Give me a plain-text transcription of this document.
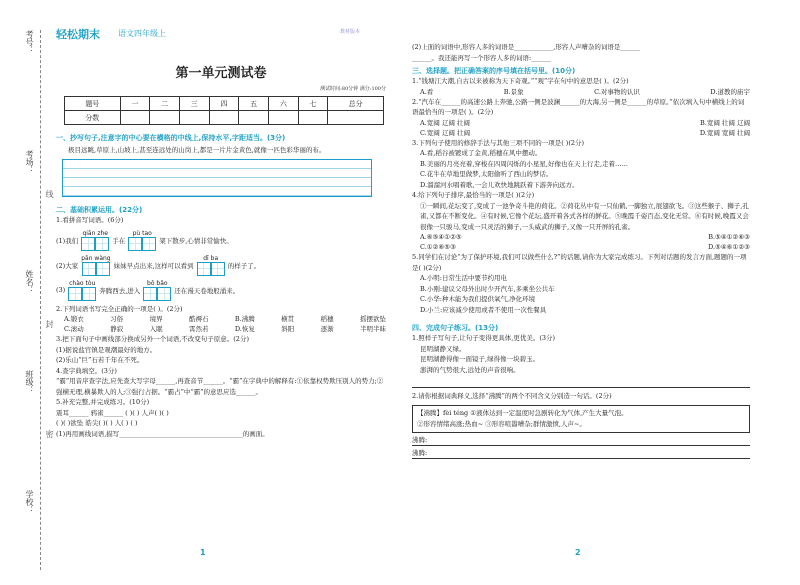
考号：
考场：
姓名：
班级：
学校：
线
封
密
轻松期末 语文四年级上	教材版本
第一单元测试卷
测试时间:80分钟 满分:100分
题号	一	二	三	四	五	六	七	总分
分数								
一、抄写句子,注意字的中心要在横格的中线上,保持水平,字距适当。(3分)
极目远眺,草原上,山坡上,甚至连远处的山岗上,都是一片片金黄色,就像一匹色彩华丽的布。
二、基础积累运用。(22分)
1.看拼音写词语。(6分)
(1)我们
qiān zhe
手在
pù tao
架下散步,心情非常愉快。
(2)大家
pān wàng
妹妹早点出来,这样可以看到
dī ba
的样子了。
(3)
chào tòu
奔腾西去,进入
bō bǎo
还在漫天卷地般涌来。
2.下列词语书写完全正确的一项是( )。(2分)
A.锻衣	习俗	境界	酷褥石	B.沸腾	横贯	稻穗	摇摆欲坠
C.滚动	静寂	入眠	霄然若	D.恢复	斜阳	逐渐	半明半昧
3.把下面句子中画线部分换成另外一个词语,不改变句子原意。(2分)
(1)据说盐官镇是观潮最好的地方。
(2)乐山“巨”石若千年在不死。
4.查字典填空。(3分)
“霸”用音序查字法,应先查大写字母______,再查音节______。“霸”在字典中的解释有:①依靠权势欺压别人的势力;②强横无理,横暴欺人的人;③强行占据。“霸占”中“霸”的意思应选______。
5.补充完整,并完成练习。(10分)
震耳______ 鸦雀______ ( )( ) 人声( )( )
( )( )欲坠 皓尖( )( ) 人( ) ( )
(1)再用画线词语,描写______________________________________的画面。
(2)上面的词语中,形容人多的词语是____________,形容人声嘈杂的词语是______
______。我还能再写一个形容人多的词语:______
三、选择题。把正确答案的序号填在括号里。(10分)
1.“钱塘江大潮,自古以来被称为天下奇观。”“观”字在句中的意思是( )。(2分)
A.看	B.景象	C.对事物的认识	D.道教的庙宇
2.“汽车在______的高速公路上奔驰,公路一侧是波澜______的大海,另一侧是______的草原。”依次填入句中横线上的词语最恰当的一项是( )。(2分)
A.宽阔 辽阔 壮阔	B.宽阔 壮阔 辽阔
C.宽阔 辽阔 壮阔	D.宽阔 宽阔 壮阔
3.下列句子使用的修辞手法与其他三项不同的一项是( )(2分)
A.看,稻谷被镀成了金黄,稻穗在风中摆动。
B.美丽的月亮亮着,穿梭在四周闪烁的小星星,好像也在天上行走,走着……
C.花牛在草地里做梦,太阳偷听了西山的梦话。
D.溜溜河水唱着歌,一会儿欢快地跳跃着下游奔向远方。
4.给下列句子排序,最恰当的一项是( )(2分)
①一瞬间,花坛变了,变成了一池争奇斗艳的荷花。②荷花丛中有一只仙鹤,一脚独立,展翅欲飞。③这些猴子、狮子,孔雀,又都在不断变化。④有时候,它像个花坛,盛开着各式各样的鲜花。⑤晚霞千姿百态,变化无常。⑥有时候,晚霞又会很像一只骏马,变成一只灵活的狮子,一头威武的狮子,又像一只开屏的孔雀。
A.⑥⑤④①②⑤	B.⑤④①②⑥③
C.①②⑥⑤③	D.⑤④⑥①②③
5.同学们在讨论“为了保护环境,我们可以做些什么?”的话题,请你为大家完成练习。下列对话题的发言方面,题题的一项是( )(2分)
A.小明:日常生活中要节约用电
B.小刚:建议父母外出时少开汽车,多乘坐公共车
C.小华:种木能为我们提供氧气,净化环境
D.小兰:应该减少使用或者不使用一次性餐具
四、完成句子练习。(13分)
1.照样子写句子,让句子变得更具体,更优美。(3分)
昆明湖静又绿。
昆明湖静得像一面镜子,绿得像一块碧玉。
澎湃的气势很大,远处的声音很响。
2.请你根据词典释义,选择“沸腾”的两个不同含义分别造一句话。(2分)
【沸腾】fèi téng ①液体达到一定温度时急剧转化为气体,产生大量气泡。
②形容情绪高涨;热血~ ③形容喧嚣嘈杂;群情激愤,人声~。
沸腾:
沸腾:
1	2
